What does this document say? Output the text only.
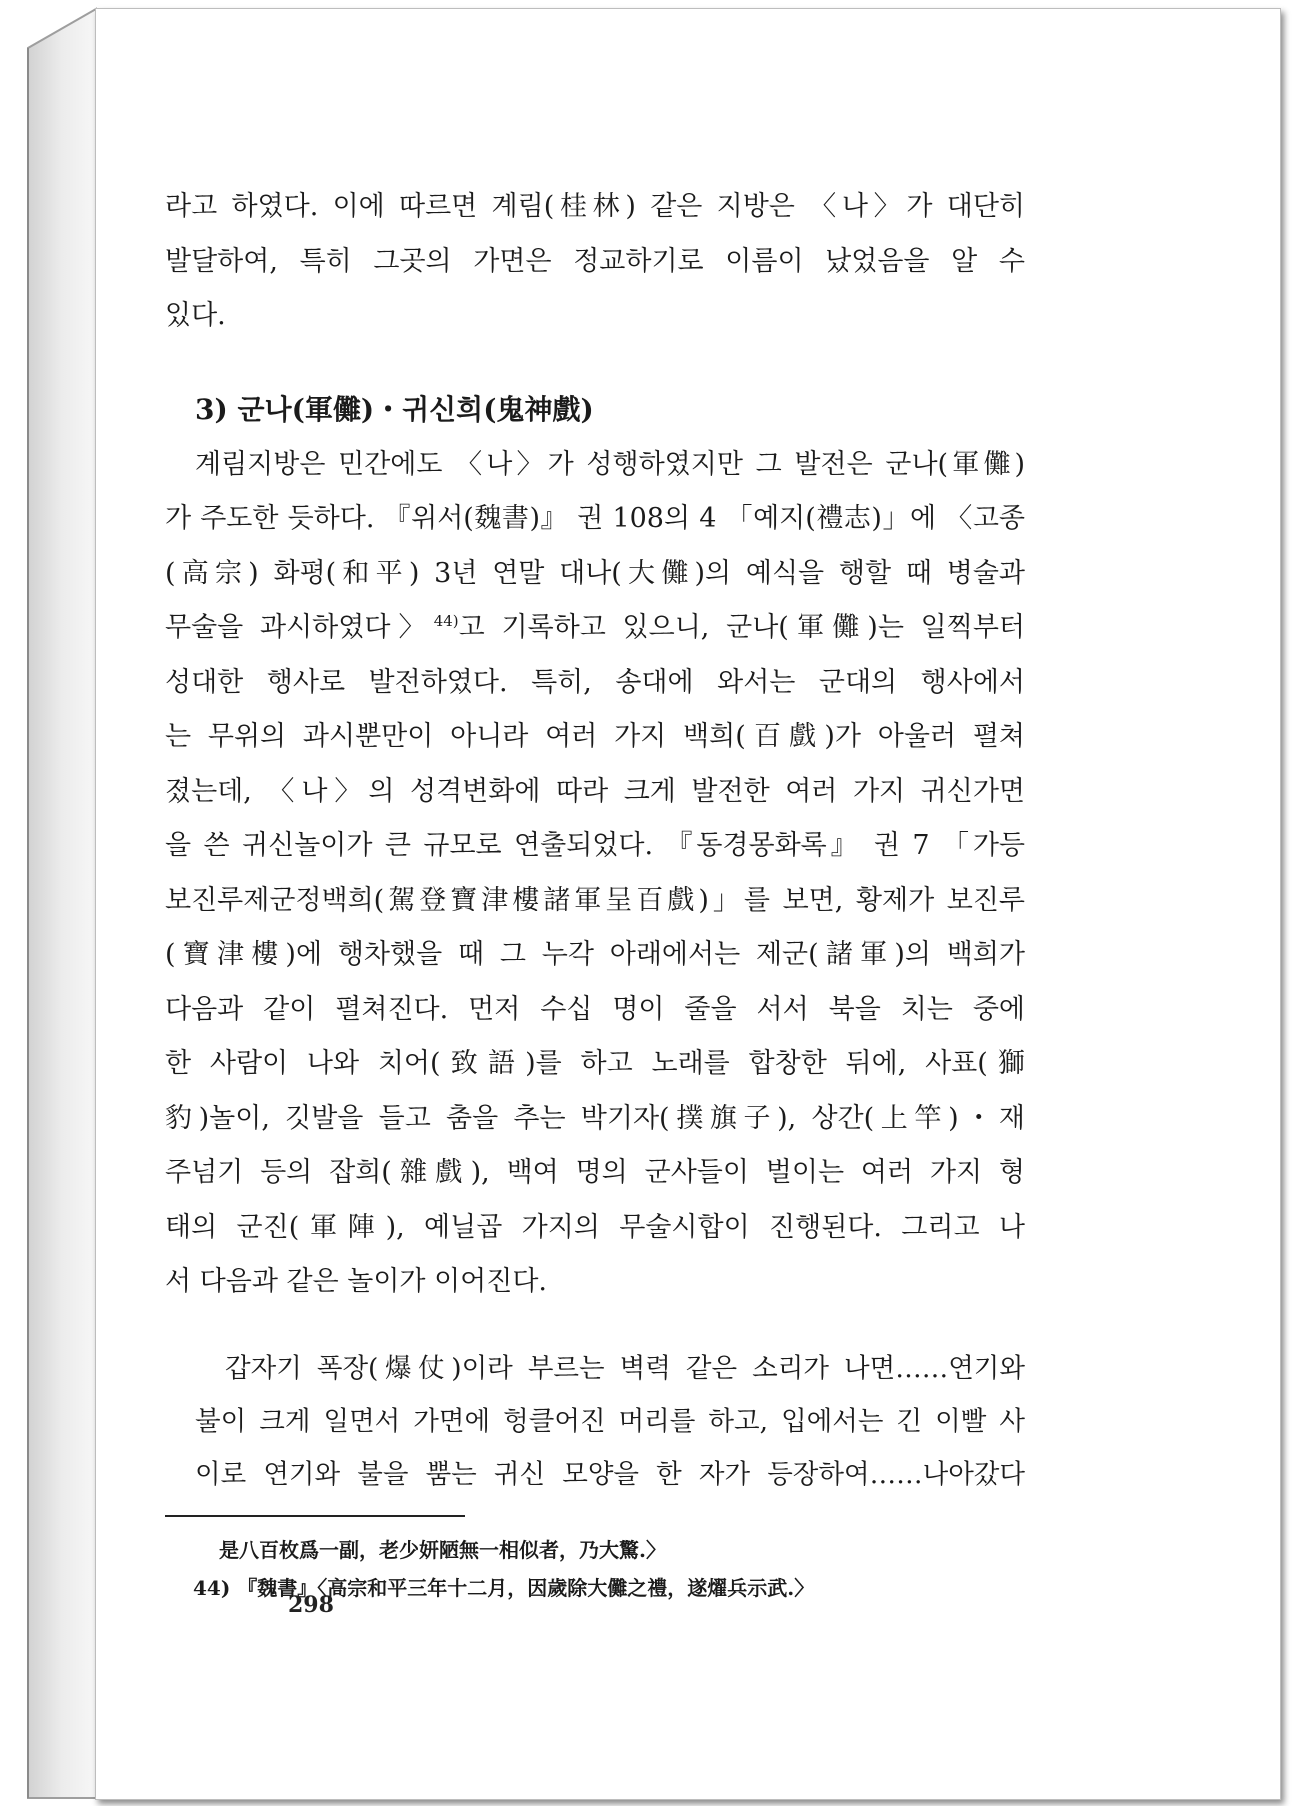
라고 하였다. 이에 따르면 계림(桂林) 같은 지방은 〈나〉가 대단히
발달하여, 특히 그곳의 가면은 정교하기로 이름이 났었음을 알 수
있다.

3) 군나(軍儺)・귀신희(鬼神戲)

계림지방은 민간에도 〈나〉가 성행하였지만 그 발전은 군나(軍儺)
가 주도한 듯하다. 『위서(魏書)』 권 108의 4 「예지(禮志)」에 〈고종
(高宗) 화평(和平) 3년 연말 대나(大儺)의 예식을 행할 때 병술과
무술을 과시하였다〉$^{44)}$고 기록하고 있으니, 군나(軍儺)는 일찍부터
성대한 행사로 발전하였다. 특히, 송대에 와서는 군대의 행사에서
는 무위의 과시뿐만이 아니라 여러 가지 백희(百戲)가 아울러 펼쳐
졌는데, 〈나〉의 성격변화에 따라 크게 발전한 여러 가지 귀신가면
을 쓴 귀신놀이가 큰 규모로 연출되었다. 『동경몽화록』 권 7 「가등
보진루제군정백희(駕登寶津樓諸軍呈百戲)」를 보면, 황제가 보진루
(寶津樓)에 행차했을 때 그 누각 아래에서는 제군(諸軍)의 백희가
다음과 같이 펼쳐진다. 먼저 수십 명이 줄을 서서 북을 치는 중에
한 사람이 나와 치어(致語)를 하고 노래를 합창한 뒤에, 사표(獅
豹)놀이, 깃발을 들고 춤을 추는 박기자(撲旗子), 상간(上竿)・재
주넘기 등의 잡희(雜戲), 백여 명의 군사들이 벌이는 여러 가지 형
태의 군진(軍陣), 예닐곱 가지의 무술시합이 진행된다. 그리고 나
서 다음과 같은 놀이가 이어진다.

갑자기 폭장(爆仗)이라 부르는 벽력 같은 소리가 나면……연기와
불이 크게 일면서 가면에 헝클어진 머리를 하고, 입에서는 긴 이빨 사
이로 연기와 불을 뿜는 귀신 모양을 한 자가 등장하여……나아갔다

是八百枚爲一副，老少妍陋無一相似者，乃大驚.〉
44) 『魏書』〈高宗和平三年十二月，因歲除大儺之禮，遂燿兵示武.〉
298
